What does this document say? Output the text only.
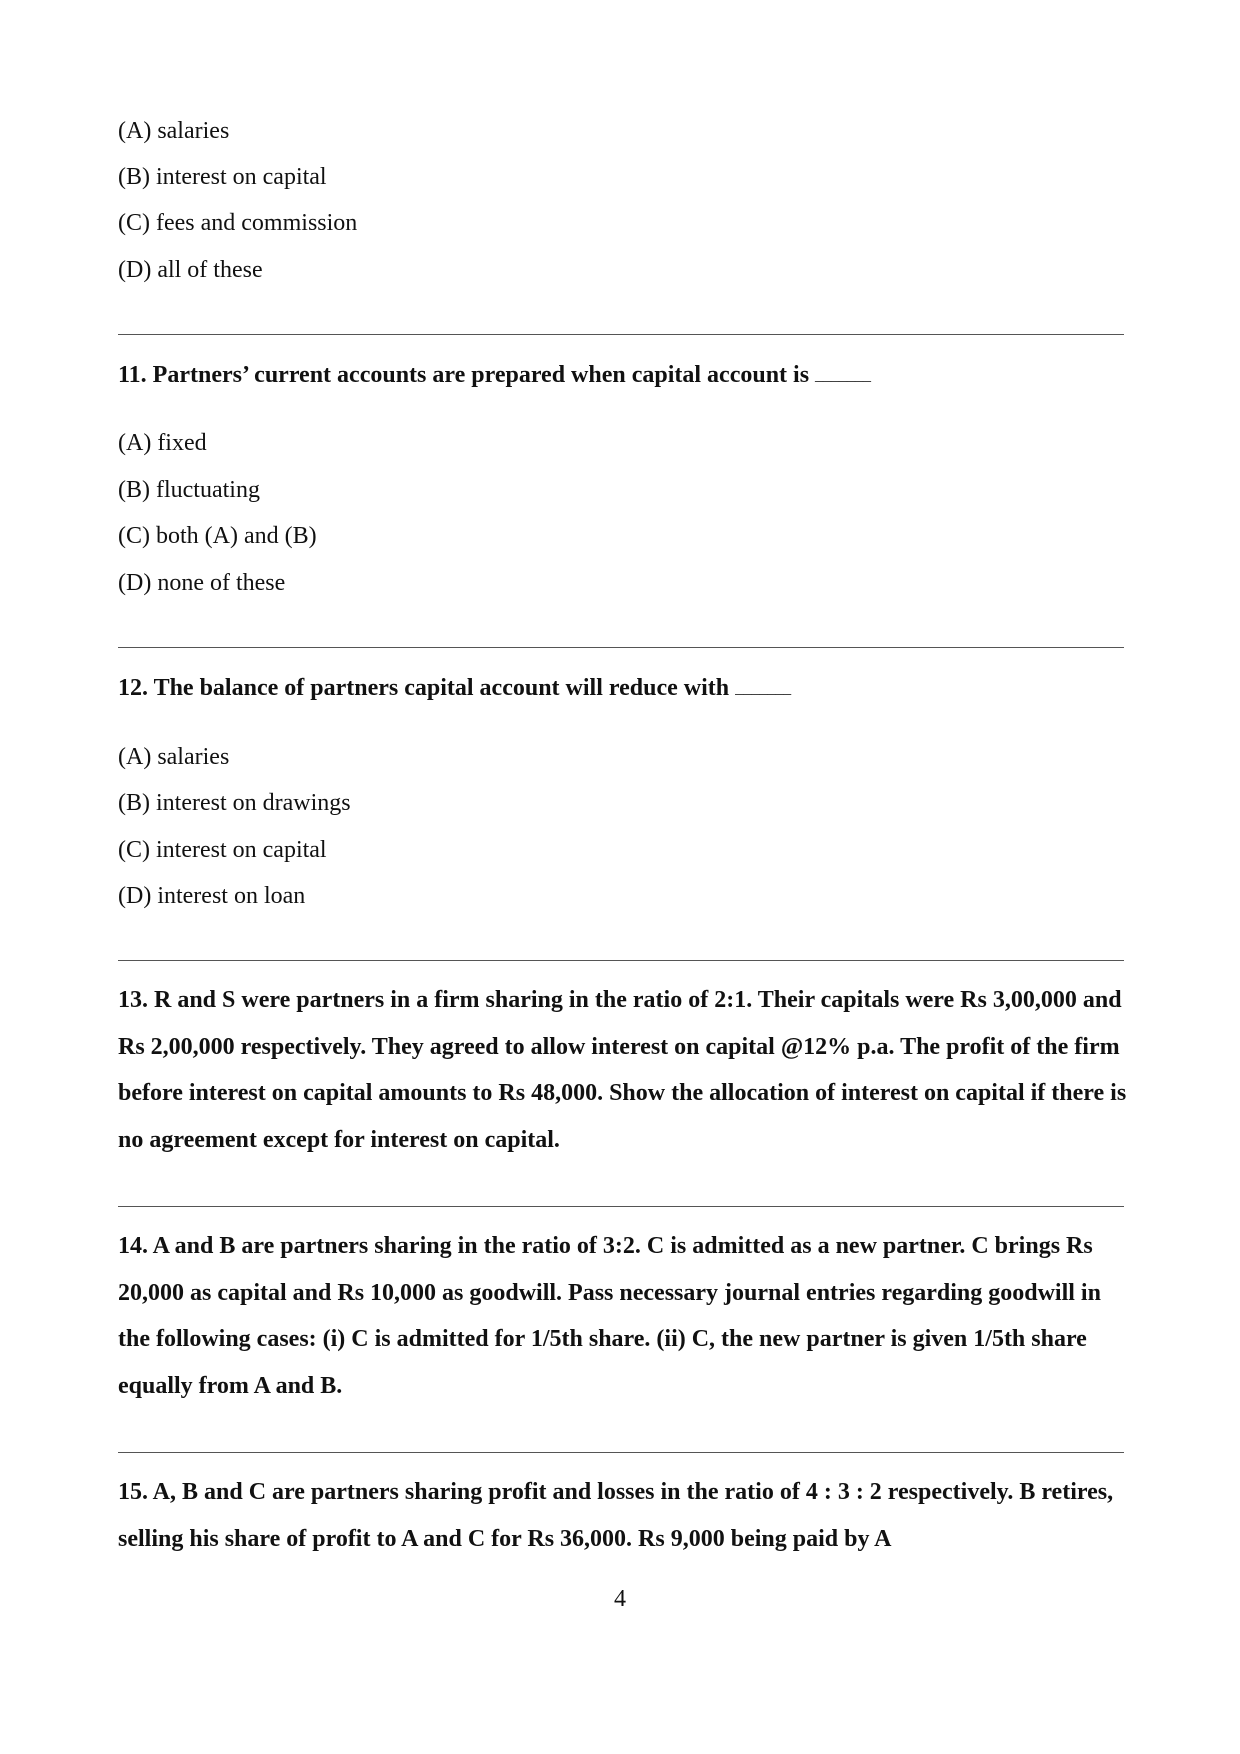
(A) salaries
(B) interest on capital
(C) fees and commission
(D) all of these
11. Partners’ current accounts are prepared when capital account is _______
(A) fixed
(B) fluctuating
(C) both (A) and (B)
(D) none of these
12. The balance of partners capital account will reduce with _______
(A) salaries
(B) interest on drawings
(C) interest on capital
(D) interest on loan
13. R and S were partners in a firm sharing in the ratio of 2:1. Their capitals were Rs 3,00,000 and Rs 2,00,000 respectively. They agreed to allow interest on capital @12% p.a. The profit of the firm before interest on capital amounts to Rs 48,000. Show the allocation of interest on capital if there is no agreement except for interest on capital.
14. A and B are partners sharing in the ratio of 3:2. C is admitted as a new partner. C brings Rs 20,000 as capital and Rs 10,000 as goodwill. Pass necessary journal entries regarding goodwill in the following cases: (i) C is admitted for 1/5th share. (ii) C, the new partner is given 1/5th share equally from A and B.
15. A, B and C are partners sharing profit and losses in the ratio of 4 : 3 : 2 respectively. B retires, selling his share of profit to A and C for Rs 36,000. Rs 9,000 being paid by A
4
